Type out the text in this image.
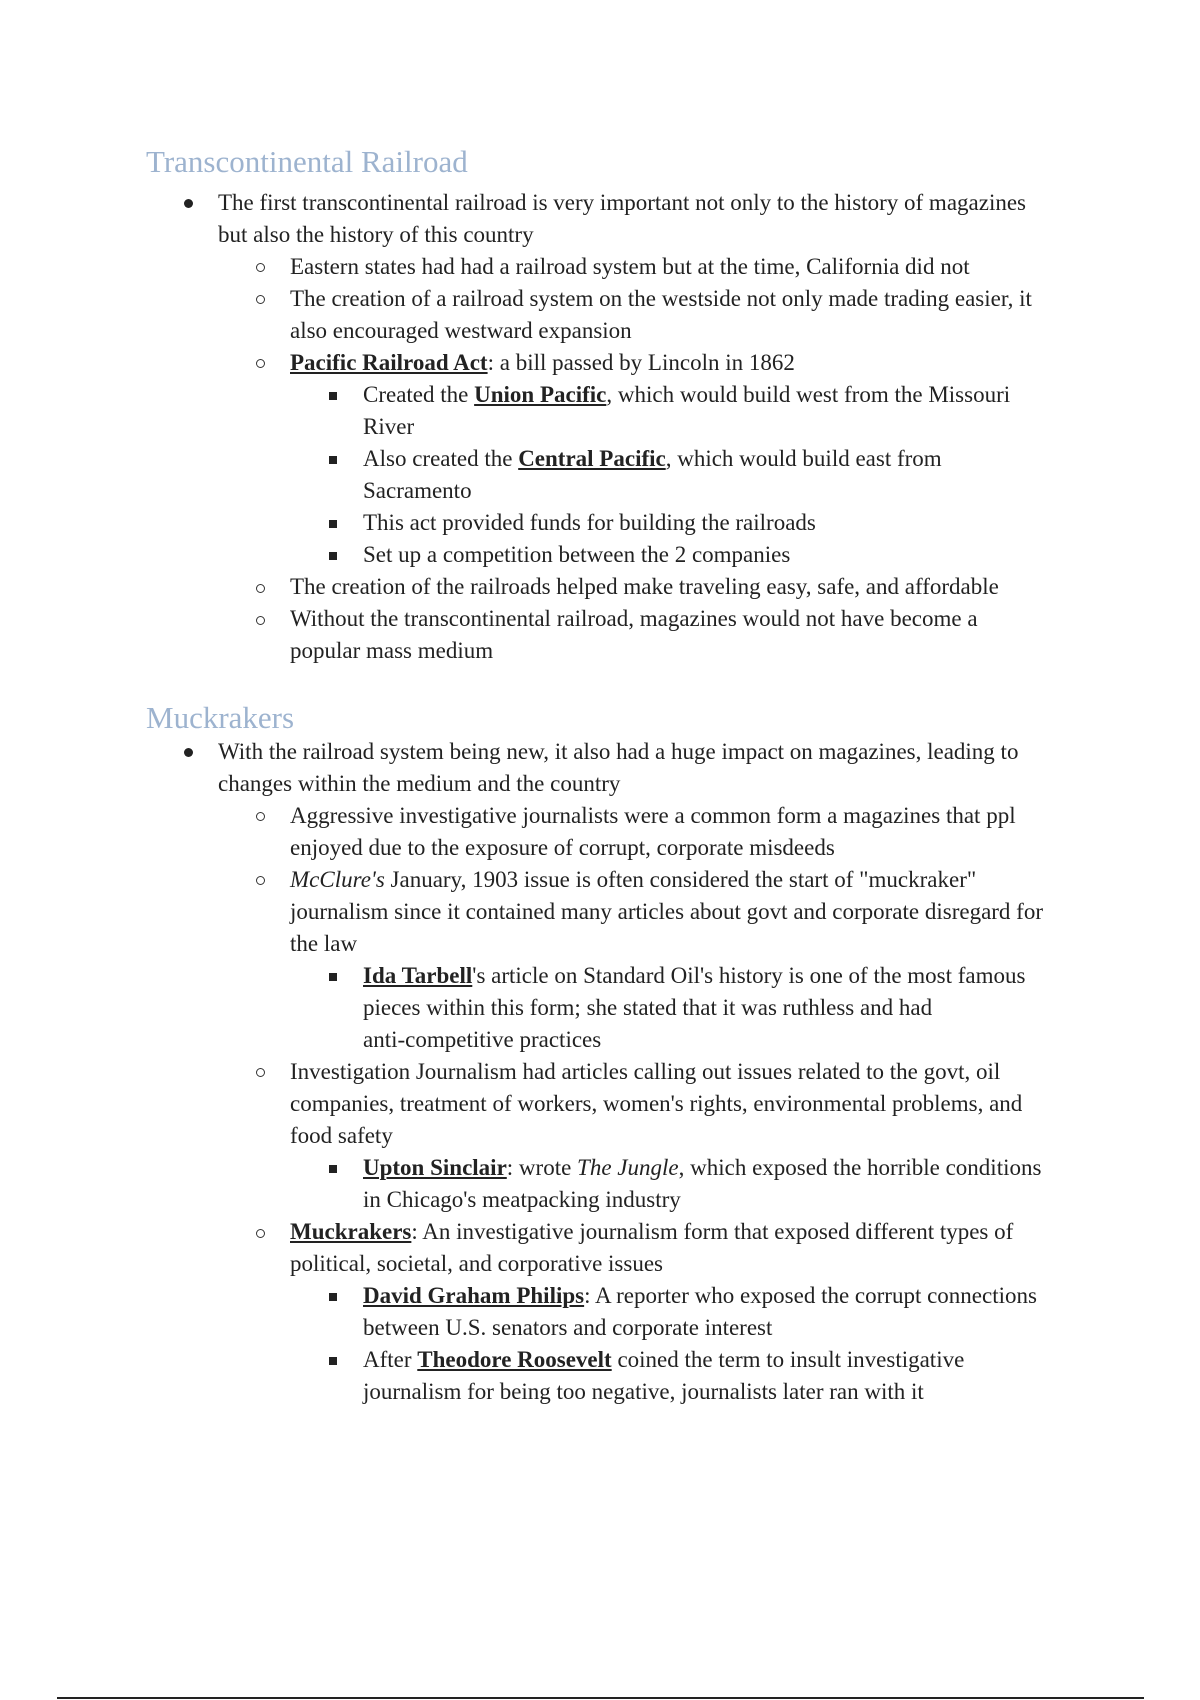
Transcontinental Railroad
The first transcontinental railroad is very important not only to the history of magazines
but also the history of this country
Eastern states had had a railroad system but at the time, California did not
The creation of a railroad system on the westside not only made trading easier, it
also encouraged westward expansion
Pacific Railroad Act: a bill passed by Lincoln in 1862
Created the Union Pacific, which would build west from the Missouri
River
Also created the Central Pacific, which would build east from
Sacramento
This act provided funds for building the railroads
Set up a competition between the 2 companies
The creation of the railroads helped make traveling easy, safe, and affordable
Without the transcontinental railroad, magazines would not have become a
popular mass medium
Muckrakers
With the railroad system being new, it also had a huge impact on magazines, leading to
changes within the medium and the country
Aggressive investigative journalists were a common form a magazines that ppl
enjoyed due to the exposure of corrupt, corporate misdeeds
McClure's January, 1903 issue is often considered the start of "muckraker"
journalism since it contained many articles about govt and corporate disregard for
the law
Ida Tarbell's article on Standard Oil's history is one of the most famous
pieces within this form; she stated that it was ruthless and had
anti-competitive practices
Investigation Journalism had articles calling out issues related to the govt, oil
companies, treatment of workers, women's rights, environmental problems, and
food safety
Upton Sinclair: wrote The Jungle, which exposed the horrible conditions
in Chicago's meatpacking industry
Muckrakers: An investigative journalism form that exposed different types of
political, societal, and corporative issues
David Graham Philips: A reporter who exposed the corrupt connections
between U.S. senators and corporate interest
After Theodore Roosevelt coined the term to insult investigative
journalism for being too negative, journalists later ran with it
